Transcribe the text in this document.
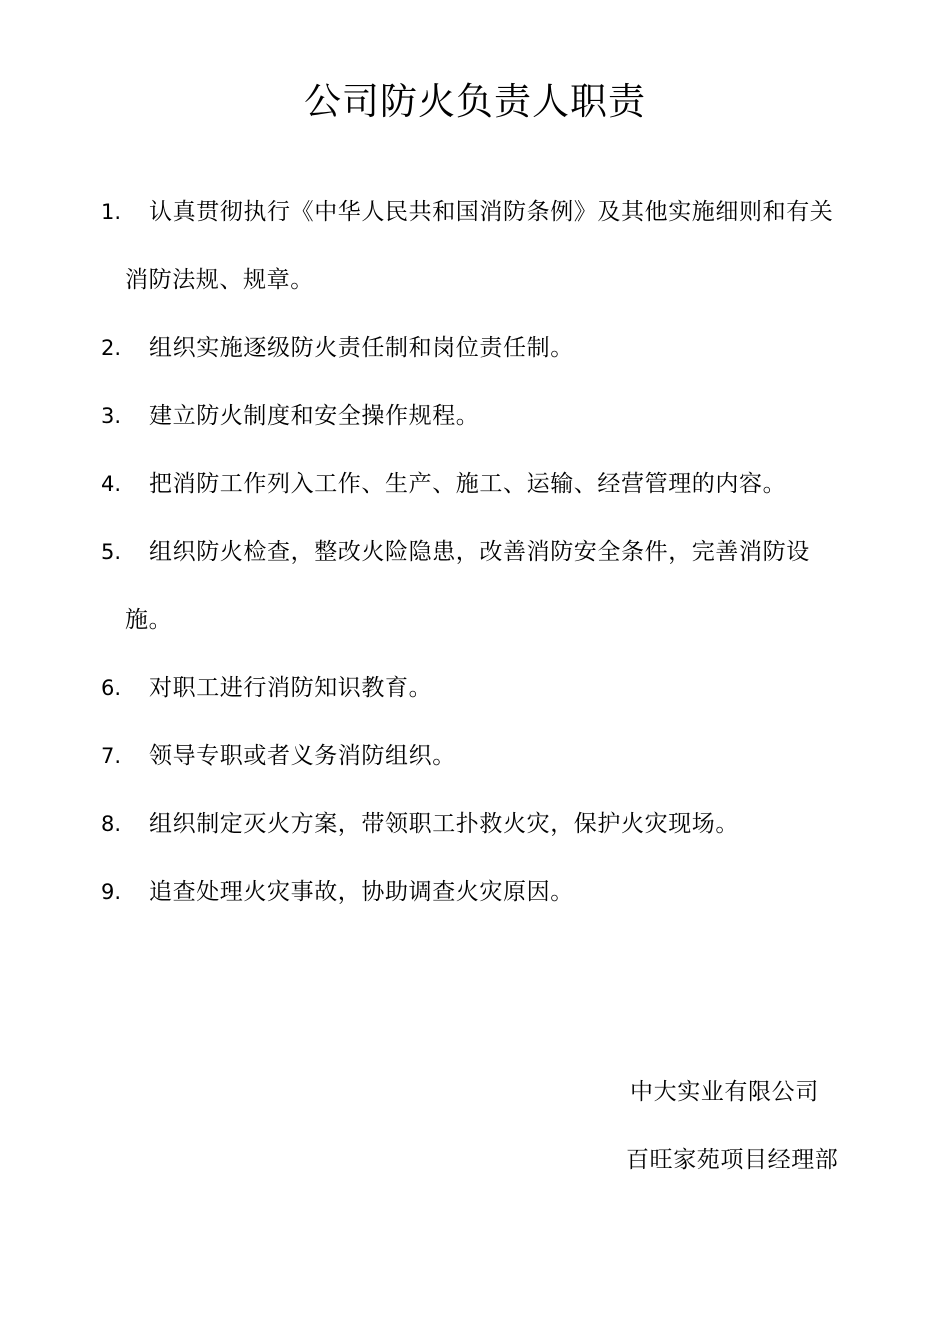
公司防火负责人职责
1.	认真贯彻执行《中华人民共和国消防条例》及其他实施细则和有关消防法规、规章。
2.	组织实施逐级防火责任制和岗位责任制。
3.	建立防火制度和安全操作规程。
4.	把消防工作列入工作、生产、施工、运输、经营管理的内容。
5.	组织防火检查，整改火险隐患，改善消防安全条件，完善消防设施。
6.	对职工进行消防知识教育。
7.	领导专职或者义务消防组织。
8.	组织制定灭火方案，带领职工扑救火灾，保护火灾现场。
9.	追查处理火灾事故，协助调查火灾原因。
中大实业有限公司
百旺家苑项目经理部
